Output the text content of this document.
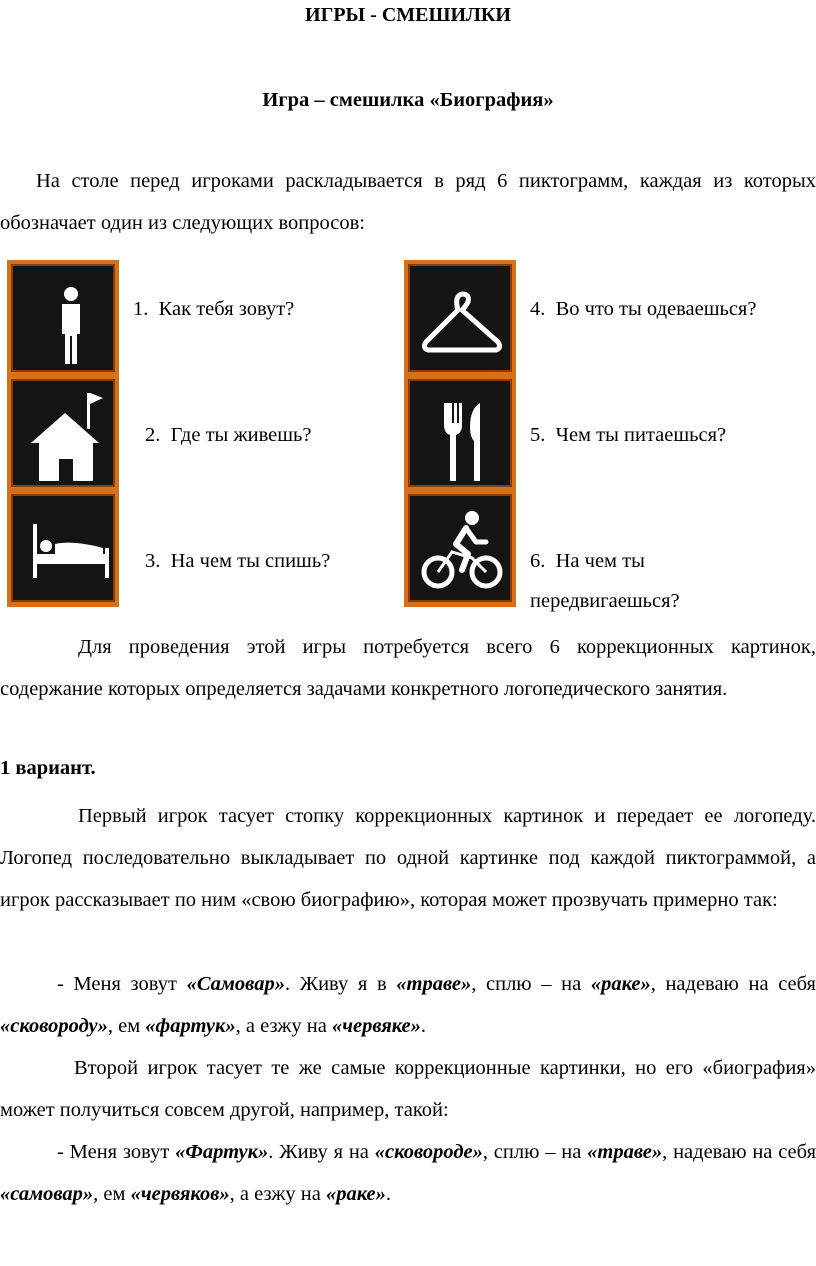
ИГРЫ - СМЕШИЛКИ
Игра – смешилка «Биография»
На столе перед игроками раскладывается в ряд 6 пиктограмм, каждая из которых обозначает один из следующих вопросов:
1. Как тебя зовут?
2. Где ты живешь?
3. На чем ты спишь?
4. Во что ты одеваешься?
5. Чем ты питаешься?
6. На чем ты
передвигаешься?
Для проведения этой игры потребуется всего 6 коррекционных картинок, содержание которых определяется задачами конкретного логопедического занятия.
1 вариант.
Первый игрок тасует стопку коррекционных картинок и передает ее логопеду. Логопед последовательно выкладывает по одной картинке под каждой пиктограммой, а игрок рассказывает по ним «свою биографию», которая может прозвучать примерно так:
- Меня зовут «Самовар». Живу я в «траве», сплю – на «раке», надеваю на себя «сковороду», ем «фартук», а езжу на «червяке».
Второй игрок тасует те же самые коррекционные картинки, но его «биография» может получиться совсем другой, например, такой:
- Меня зовут «Фартук». Живу я на «сковороде», сплю – на «траве», надеваю на себя «самовар», ем «червяков», а езжу на «раке».
